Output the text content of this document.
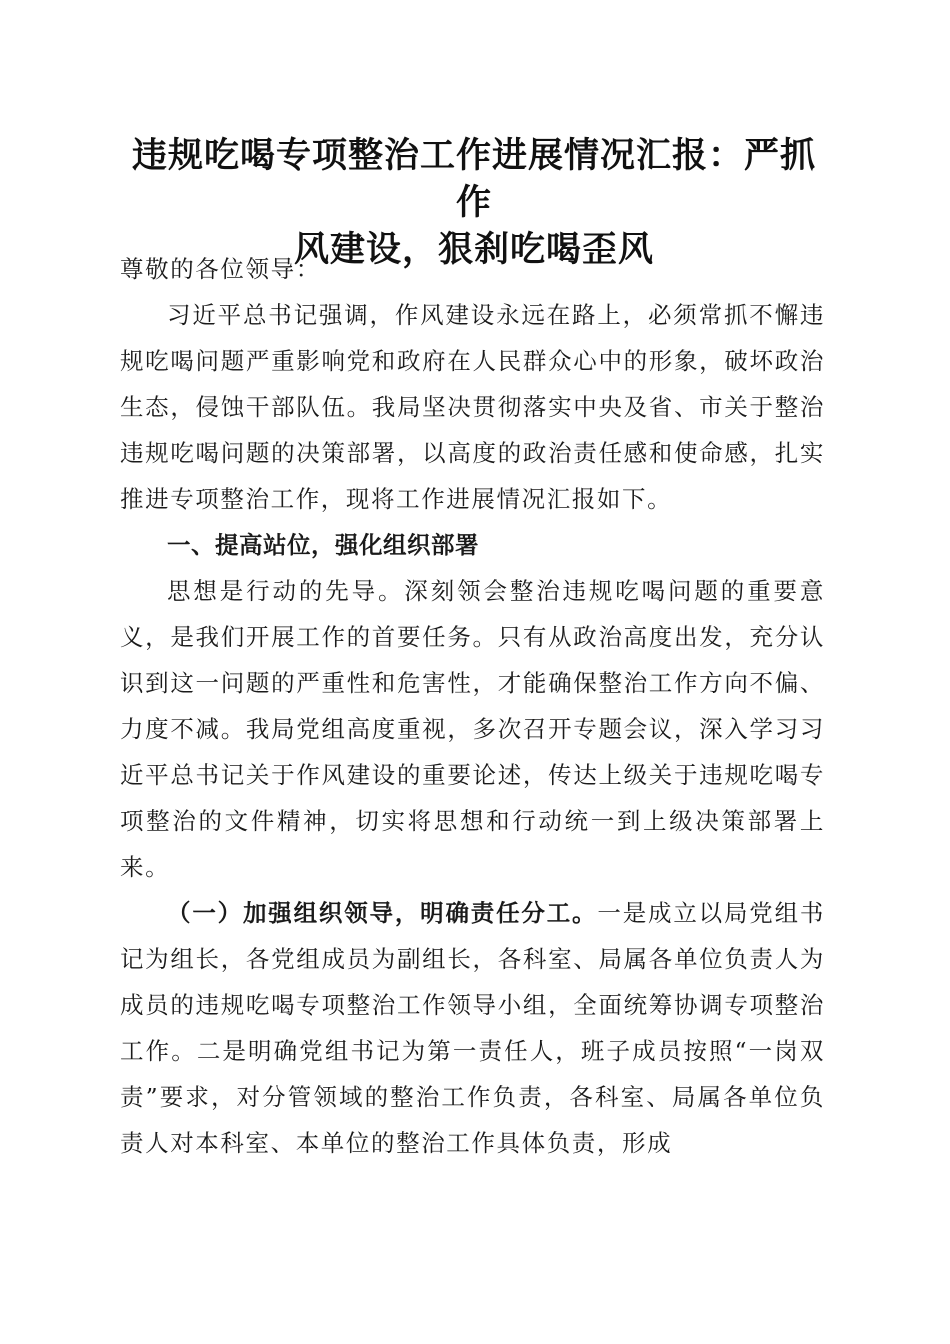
违规吃喝专项整治工作进展情况汇报：严抓作
风建设，狠刹吃喝歪风

尊敬的各位领导：

习近平总书记强调，作风建设永远在路上，必须常抓不懈违规吃喝问题严重影响党和政府在人民群众心中的形象，破坏政治生态，侵蚀干部队伍。我局坚决贯彻落实中央及省、市关于整治违规吃喝问题的决策部署，以高度的政治责任感和使命感，扎实推进专项整治工作，现将工作进展情况汇报如下。

一、提高站位，强化组织部署

思想是行动的先导。深刻领会整治违规吃喝问题的重要意义，是我们开展工作的首要任务。只有从政治高度出发，充分认识到这一问题的严重性和危害性，才能确保整治工作方向不偏、力度不减。我局党组高度重视，多次召开专题会议，深入学习习近平总书记关于作风建设的重要论述，传达上级关于违规吃喝专项整治的文件精神，切实将思想和行动统一到上级决策部署上来。

（一）加强组织领导，明确责任分工。一是成立以局党组书记为组长，各党组成员为副组长，各科室、局属各单位负责人为成员的违规吃喝专项整治工作领导小组，全面统筹协调专项整治工作。二是明确党组书记为第一责任人，班子成员按照“一岗双责”要求，对分管领域的整治工作负责，各科室、局属各单位负责人对本科室、本单位的整治工作具体负责，形成
